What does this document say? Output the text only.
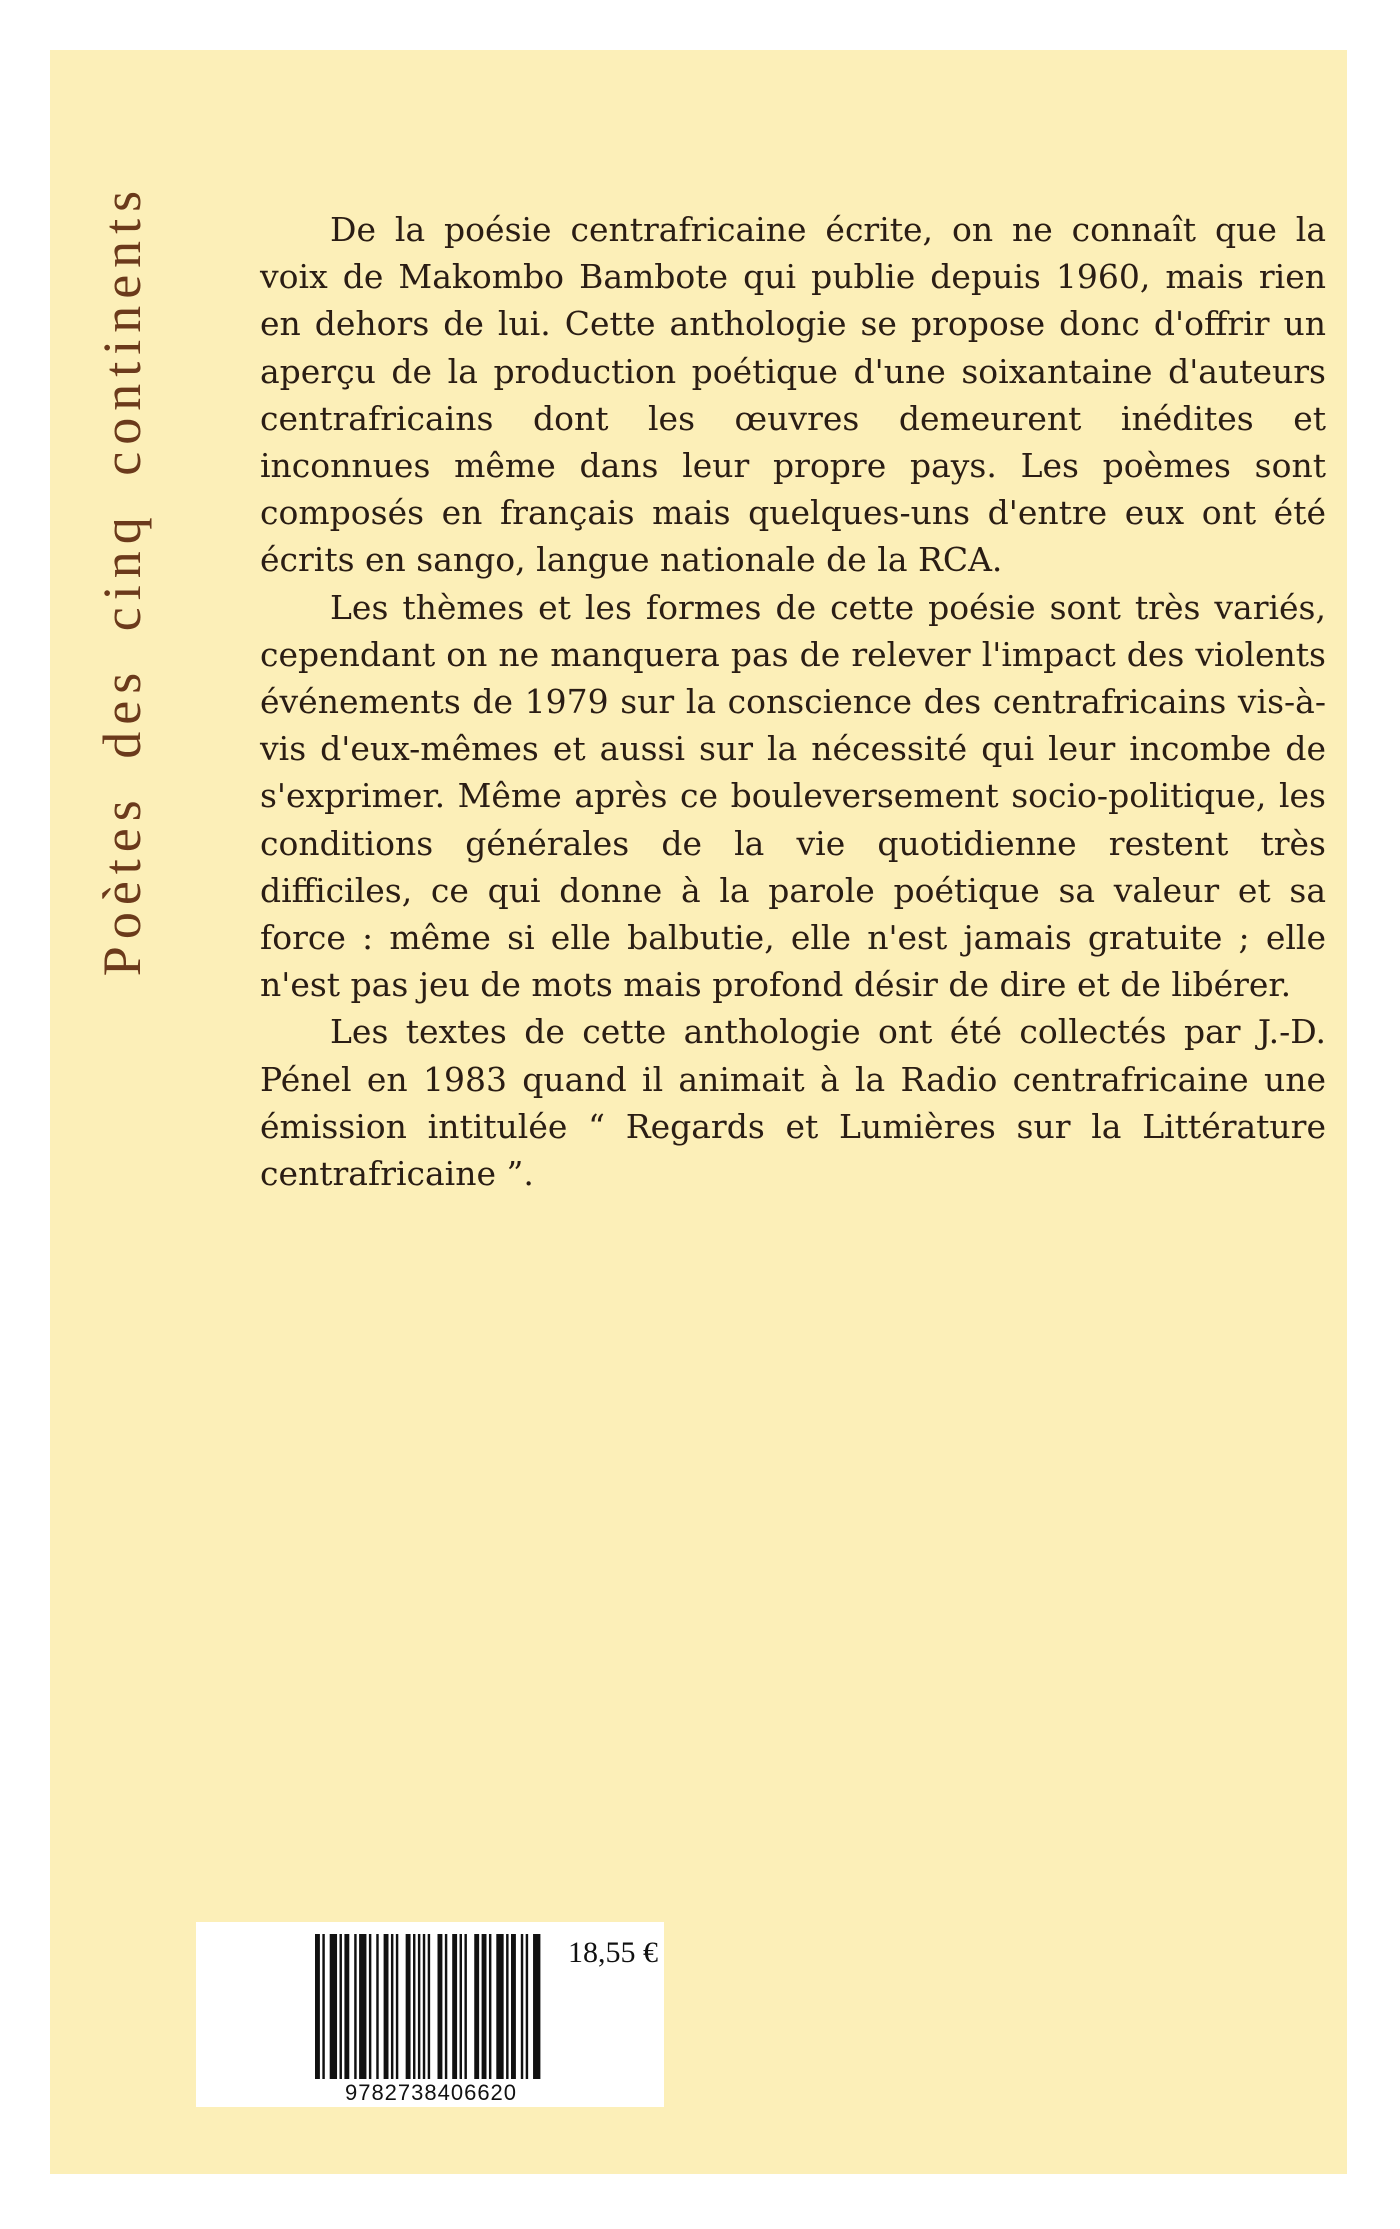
Poètes des cinq continents	De la poésie centrafricaine écrite, on ne connaît que la voix de Makombo Bambote qui publie depuis 1960, mais rien en dehors de lui. Cette anthologie se propose donc d'offrir un aperçu de la production poétique d'une soixantaine d'auteurs centrafricains dont les œuvres demeurent inédites et inconnues même dans leur propre pays. Les poèmes sont composés en français mais quelques-uns d'entre eux ont été écrits en sango, langue nationale de la RCA.

Les thèmes et les formes de cette poésie sont très variés, cependant on ne manquera pas de relever l'impact des violents événements de 1979 sur la conscience des centrafricains vis-à-vis d'eux-mêmes et aussi sur la nécessité qui leur incombe de s'exprimer. Même après ce bouleversement socio-politique, les conditions générales de la vie quotidienne restent très difficiles, ce qui donne à la parole poétique sa valeur et sa force : même si elle balbutie, elle n'est jamais gratuite ; elle n'est pas jeu de mots mais profond désir de dire et de libérer.

Les textes de cette anthologie ont été collectés par J.-D. Pénel en 1983 quand il animait à la Radio centrafricaine une émission intitulée “ Regards et Lumières sur la Littérature centrafricaine ”.

9782738406620
18,55 €
